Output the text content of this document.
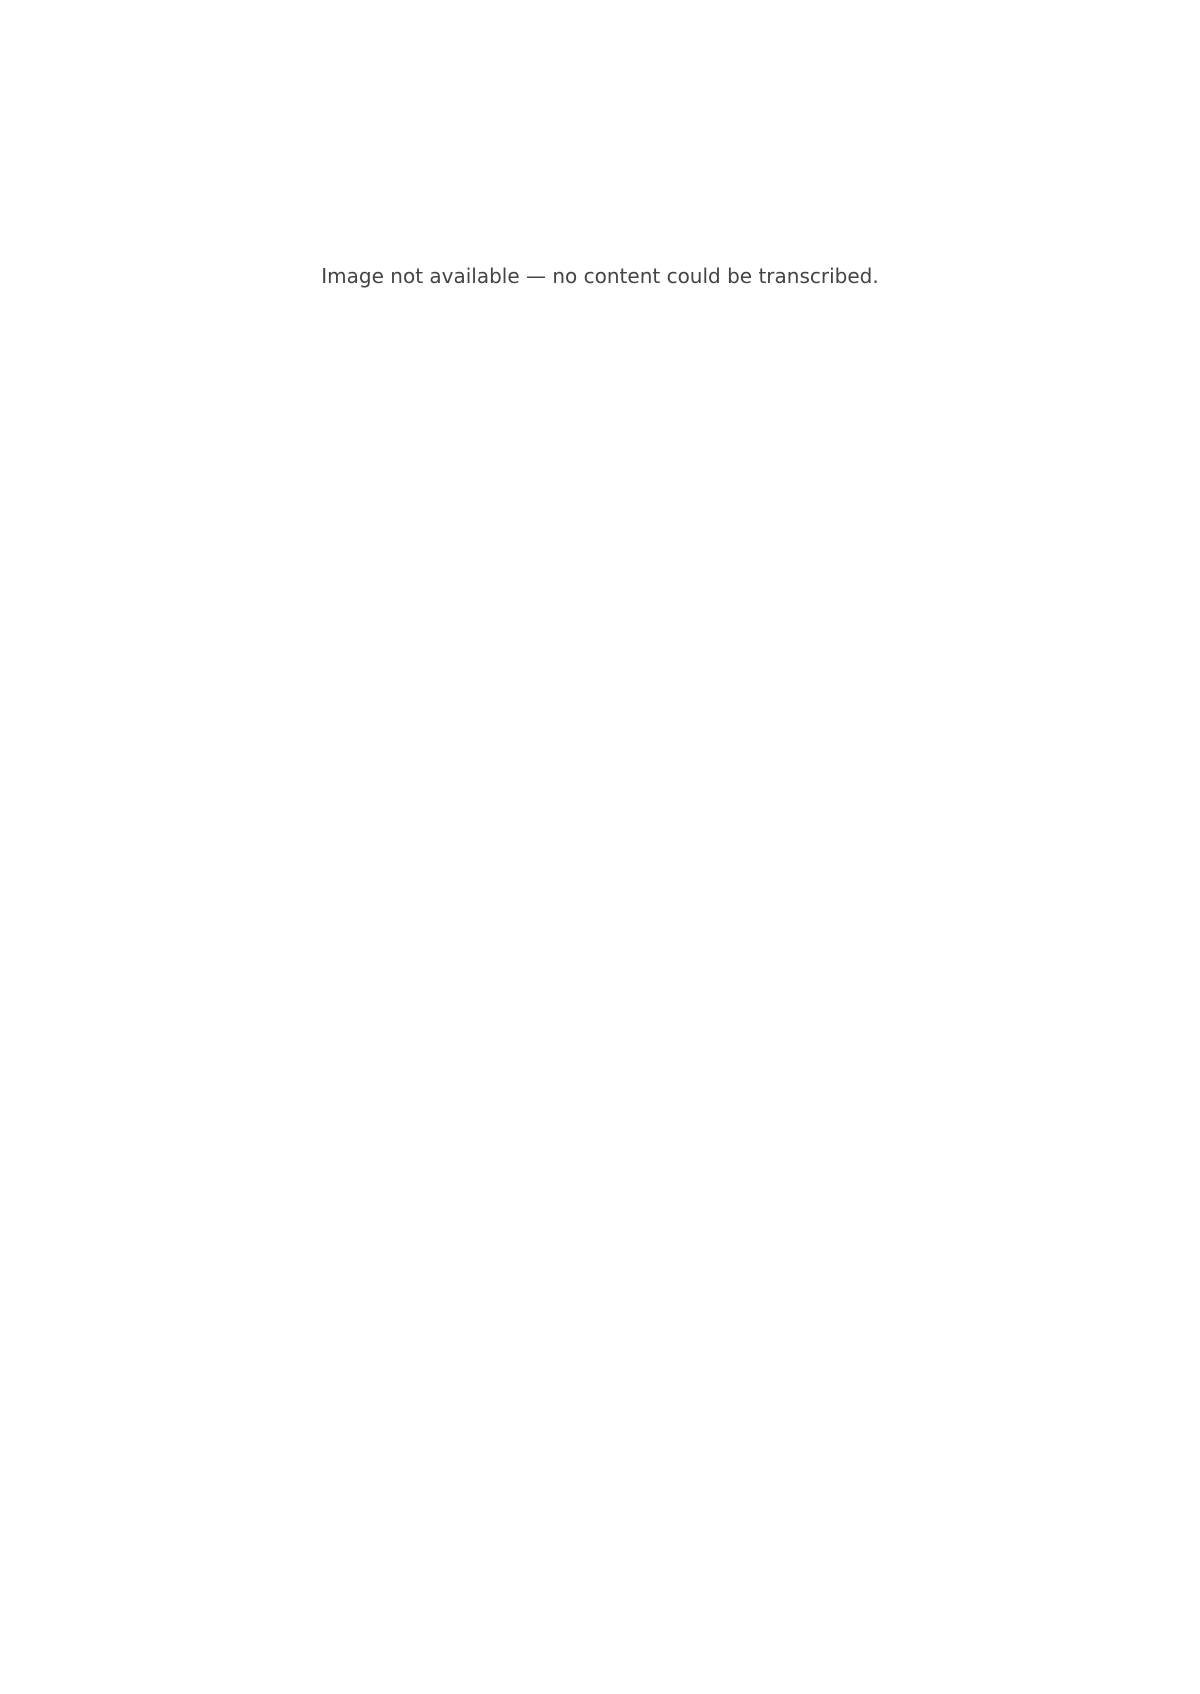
Image not available — no content could be transcribed.
